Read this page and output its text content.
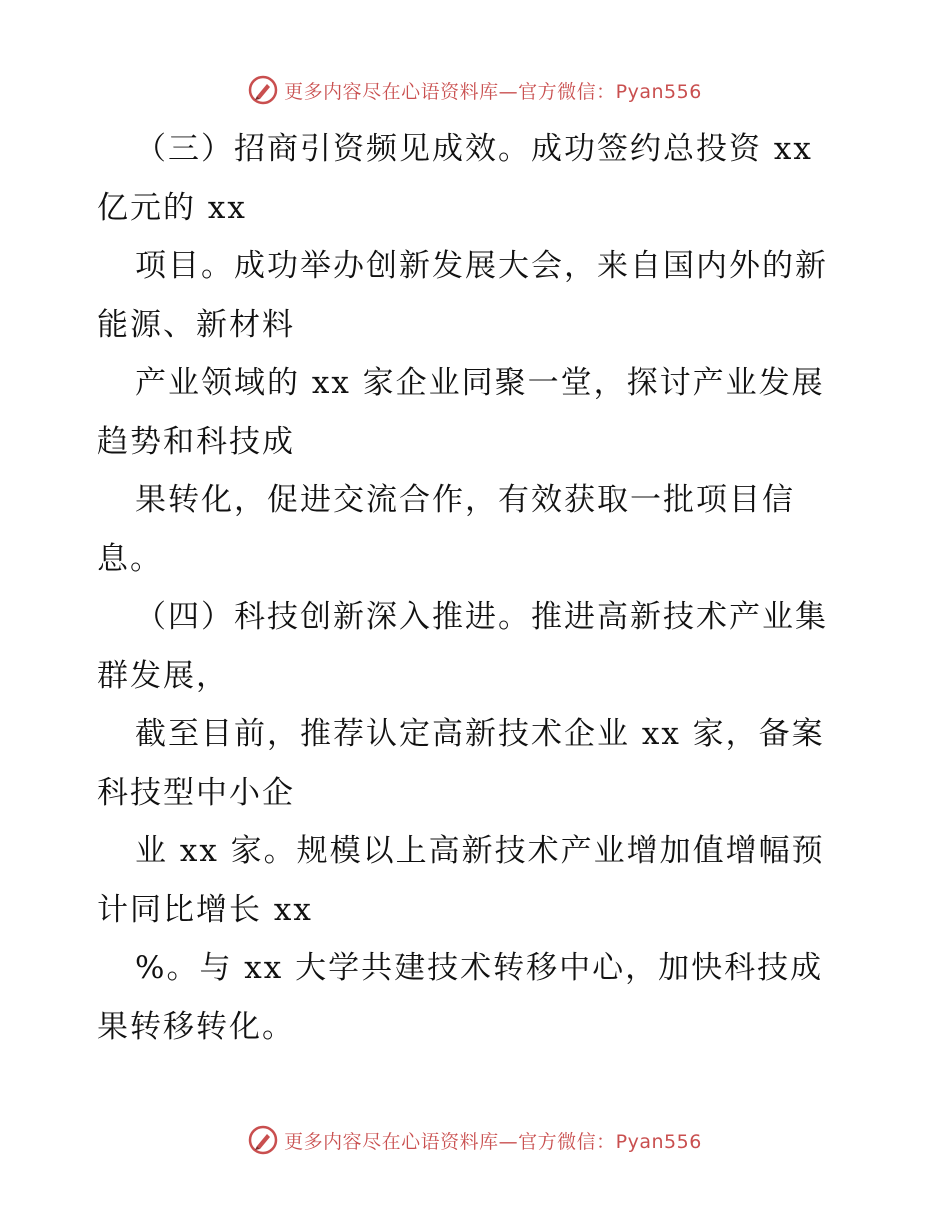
更多内容尽在心语资料库—官方微信：Pyan556
（三）招商引资频见成效。成功签约总投资 xx
亿元的 xx
项目。成功举办创新发展大会，来自国内外的新
能源、新材料
产业领域的 xx 家企业同聚一堂，探讨产业发展
趋势和科技成
果转化，促进交流合作，有效获取一批项目信
息。
（四）科技创新深入推进。推进高新技术产业集
群发展，
截至目前，推荐认定高新技术企业 xx 家，备案
科技型中小企
业 xx 家。规模以上高新技术产业增加值增幅预
计同比增长 xx
%。与 xx 大学共建技术转移中心，加快科技成
果转移转化。
更多内容尽在心语资料库—官方微信：Pyan556
